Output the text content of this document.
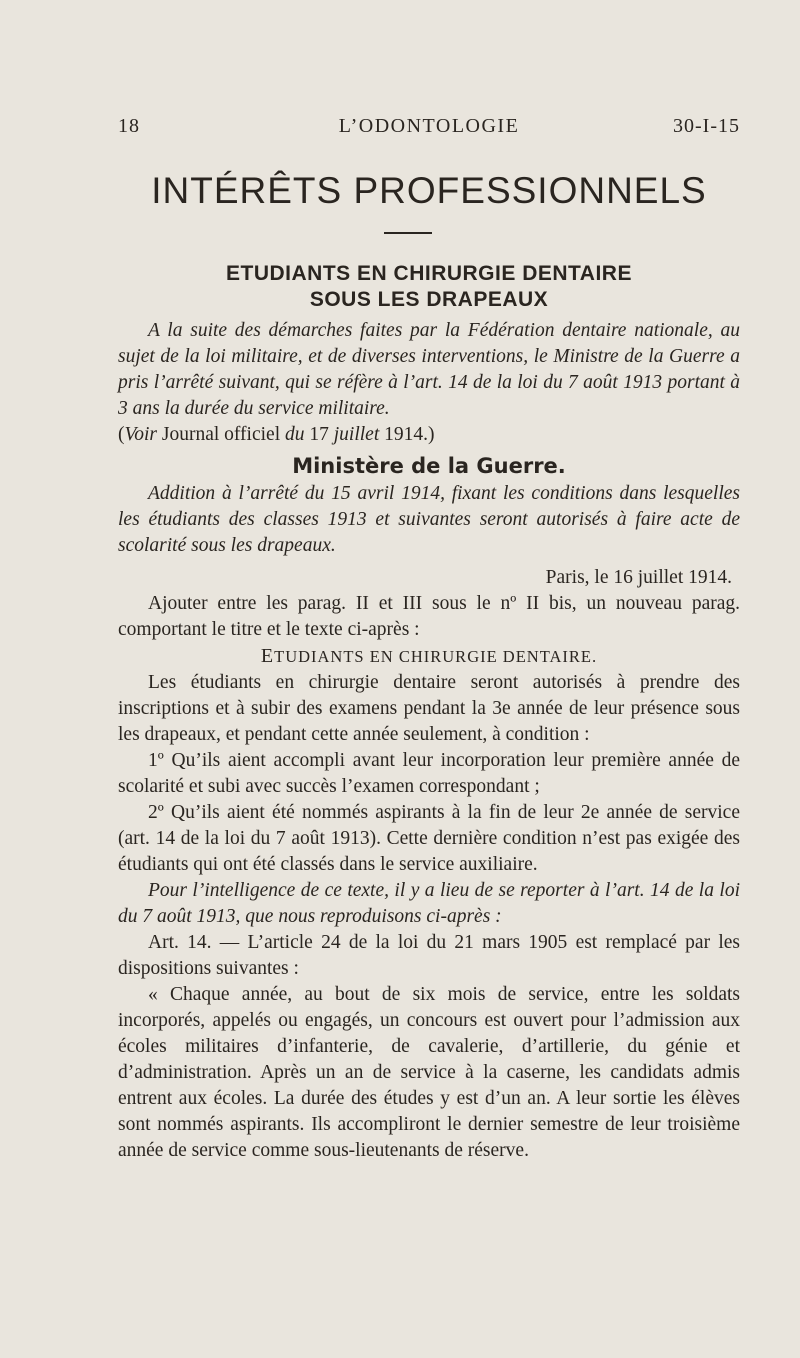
18	L’ODONTOLOGIE	30-I-15
INTÉRÊTS PROFESSIONNELS
ETUDIANTS EN CHIRURGIE DENTAIRE
SOUS LES DRAPEAUX

A la suite des démarches faites par la Fédération dentaire nationale, au sujet de la loi militaire, et de diverses interventions, le Ministre de la Guerre a pris l’arrêté suivant, qui se réfère à l’art. 14 de la loi du 7 août 1913 portant à 3 ans la durée du service militaire.

(Voir Journal officiel du 17 juillet 1914.)

Ministère de la Guerre.

Addition à l’arrêté du 15 avril 1914, fixant les conditions dans lesquelles les étudiants des classes 1913 et suivantes seront autorisés à faire acte de scolarité sous les drapeaux.

Paris, le 16 juillet 1914.

Ajouter entre les parag. II et III sous le nº II bis, un nouveau parag. comportant le titre et le texte ci-après :

ETUDIANTS EN CHIRURGIE DENTAIRE.

Les étudiants en chirurgie dentaire seront autorisés à prendre des inscriptions et à subir des examens pendant la 3e année de leur présence sous les drapeaux, et pendant cette année seulement, à condition :

1º Qu’ils aient accompli avant leur incorporation leur première année de scolarité et subi avec succès l’examen correspondant ;

2º Qu’ils aient été nommés aspirants à la fin de leur 2e année de service (art. 14 de la loi du 7 août 1913). Cette dernière condition n’est pas exigée des étudiants qui ont été classés dans le service auxiliaire.

Pour l’intelligence de ce texte, il y a lieu de se reporter à l’art. 14 de la loi du 7 août 1913, que nous reproduisons ci-après :

Art. 14. — L’article 24 de la loi du 21 mars 1905 est remplacé par les dispositions suivantes :

« Chaque année, au bout de six mois de service, entre les soldats incorporés, appelés ou engagés, un concours est ouvert pour l’admission aux écoles militaires d’infanterie, de cavalerie, d’artillerie, du génie et d’administration. Après un an de service à la caserne, les candidats admis entrent aux écoles. La durée des études y est d’un an. A leur sortie les élèves sont nommés aspirants. Ils accompliront le dernier semestre de leur troisième année de service comme sous-lieutenants de réserve.
